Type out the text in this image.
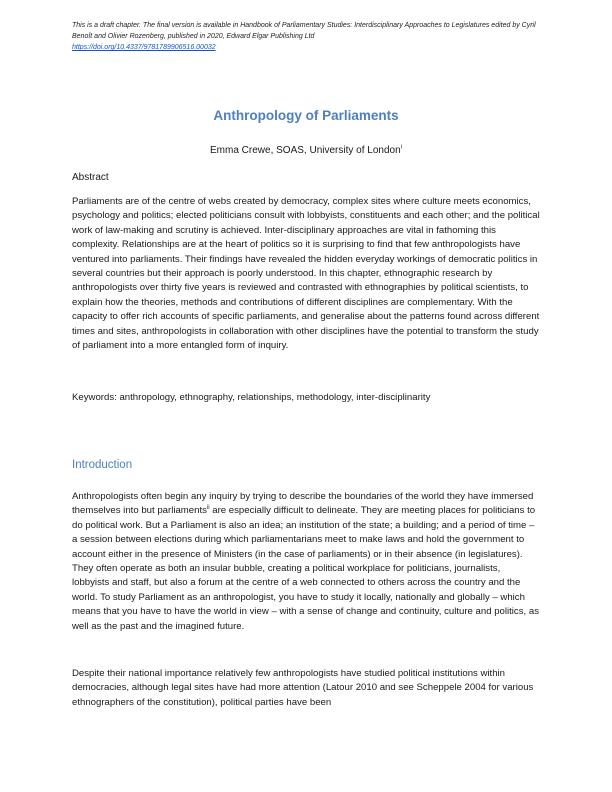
This is a draft chapter. The final version is available in Handbook of Parliamentary Studies: Interdisciplinary Approaches to Legislatures edited by Cyril Benoît and Olivier Rozenberg, published in 2020, Edward Elgar Publishing Ltd
https://doi.org/10.4337/9781789906516.00032
Anthropology of Parliaments
Emma Crewe, SOAS, University of London$^i$
Abstract

Parliaments are of the centre of webs created by democracy, complex sites where culture meets economics, psychology and politics; elected politicians consult with lobbyists, constituents and each other; and the political work of law-making and scrutiny is achieved. Inter-disciplinary approaches are vital in fathoming this complexity. Relationships are at the heart of politics so it is surprising to find that few anthropologists have ventured into parliaments. Their findings have revealed the hidden everyday workings of democratic politics in several countries but their approach is poorly understood. In this chapter, ethnographic research by anthropologists over thirty five years is reviewed and contrasted with ethnographies by political scientists, to explain how the theories, methods and contributions of different disciplines are complementary. With the capacity to offer rich accounts of specific parliaments, and generalise about the patterns found across different times and sites, anthropologists in collaboration with other disciplines have the potential to transform the study of parliament into a more entangled form of inquiry.

Keywords: anthropology, ethnography, relationships, methodology, inter-disciplinarity

Introduction

Anthropologists often begin any inquiry by trying to describe the boundaries of the world they have immersed themselves into but parliaments$^{ii}$ are especially difficult to delineate. They are meeting places for politicians to do political work. But a Parliament is also an idea; an institution of the state; a building; and a period of time – a session between elections during which parliamentarians meet to make laws and hold the government to account either in the presence of Ministers (in the case of parliaments) or in their absence (in legislatures). They often operate as both an insular bubble, creating a political workplace for politicians, journalists, lobbyists and staff, but also a forum at the centre of a web connected to others across the country and the world. To study Parliament as an anthropologist, you have to study it locally, nationally and globally – which means that you have to have the world in view – with a sense of change and continuity, culture and politics, as well as the past and the imagined future.

Despite their national importance relatively few anthropologists have studied political institutions within democracies, although legal sites have had more attention (Latour 2010 and see Scheppele 2004 for various ethnographers of the constitution), political parties have been
